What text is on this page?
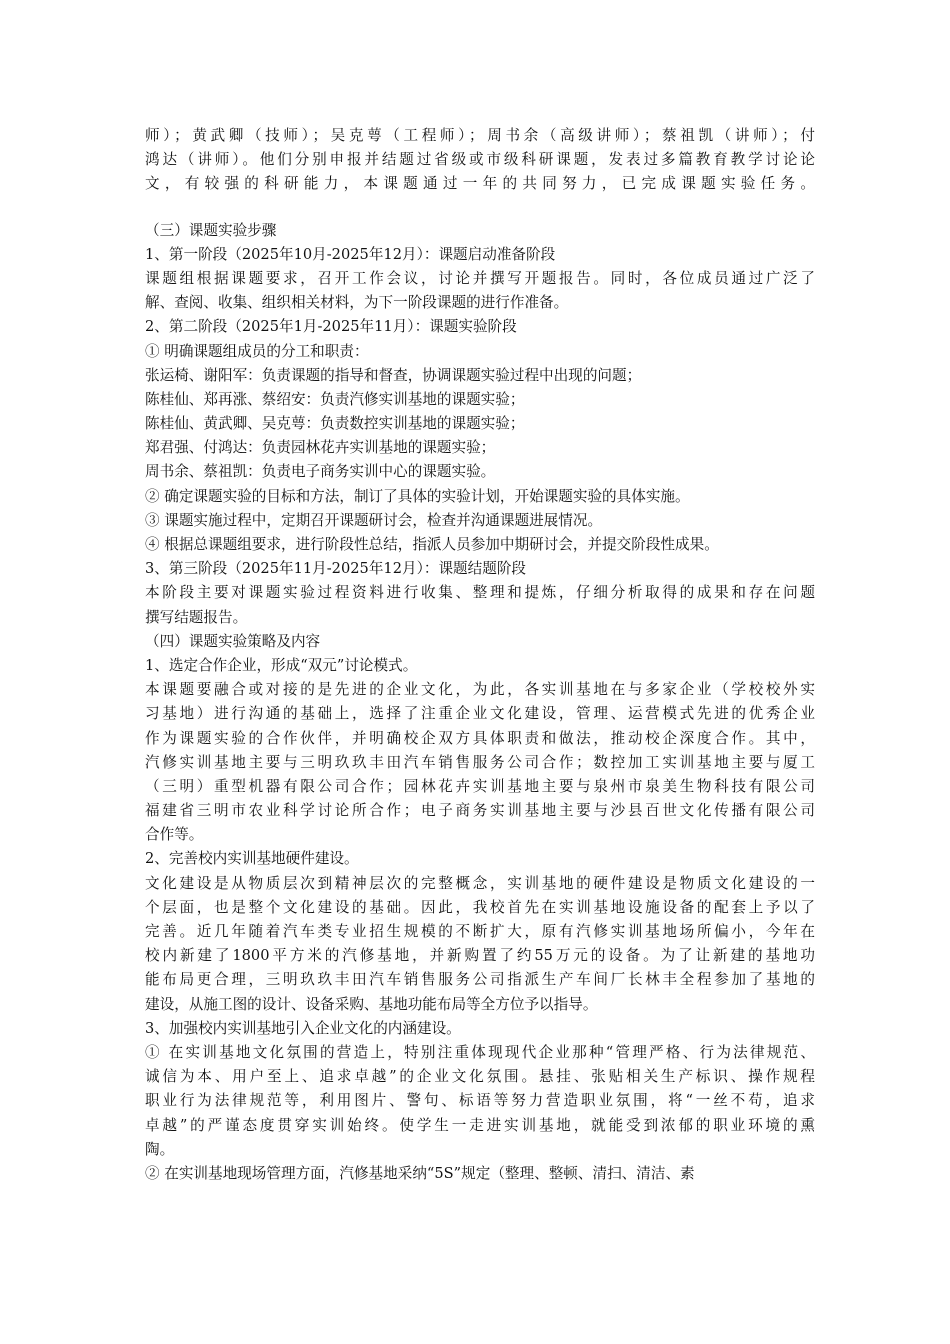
师）；黄武卿（技师）；吴克萼（工程师）；周书余（高级讲师）；蔡祖凯（讲师）；付
鸿达（讲师）。他们分别申报并结题过省级或市级科研课题，发表过多篇教育教学讨论论
文，有较强的科研能力，本课题通过一年的共同努力，已完成课题实验任务。
（三）课题实验步骤
1、第一阶段（2025年10月-2025年12月）：课题启动准备阶段
课题组根据课题要求，召开工作会议，讨论并撰写开题报告。同时，各位成员通过广泛了
解、查阅、收集、组织相关材料，为下一阶段课题的进行作准备。
2、第二阶段（2025年1月-2025年11月）：课题实验阶段
① 明确课题组成员的分工和职责：
张运椅、谢阳军：负责课题的指导和督查，协调课题实验过程中出现的问题；
陈桂仙、郑再涨、蔡绍安：负责汽修实训基地的课题实验；
陈桂仙、黄武卿、吴克萼：负责数控实训基地的课题实验；
郑君强、付鸿达：负责园林花卉实训基地的课题实验；
周书余、蔡祖凯：负责电子商务实训中心的课题实验。
② 确定课题实验的目标和方法，制订了具体的实验计划，开始课题实验的具体实施。
③ 课题实施过程中，定期召开课题研讨会，检查并沟通课题进展情况。
④ 根据总课题组要求，进行阶段性总结，指派人员参加中期研讨会，并提交阶段性成果。
3、第三阶段（2025年11月-2025年12月）：课题结题阶段
本阶段主要对课题实验过程资料进行收集、整理和提炼，仔细分析取得的成果和存在问题
撰写结题报告。
（四）课题实验策略及内容
1、选定合作企业，形成“双元”讨论模式。
本课题要融合或对接的是先进的企业文化，为此，各实训基地在与多家企业（学校校外实
习基地）进行沟通的基础上，选择了注重企业文化建设，管理、运营模式先进的优秀企业
作为课题实验的合作伙伴，并明确校企双方具体职责和做法，推动校企深度合作。其中，
汽修实训基地主要与三明玖玖丰田汽车销售服务公司合作；数控加工实训基地主要与厦工
（三明）重型机器有限公司合作；园林花卉实训基地主要与泉州市泉美生物科技有限公司
福建省三明市农业科学讨论所合作；电子商务实训基地主要与沙县百世文化传播有限公司
合作等。
2、完善校内实训基地硬件建设。
文化建设是从物质层次到精神层次的完整概念，实训基地的硬件建设是物质文化建设的一
个层面，也是整个文化建设的基础。因此，我校首先在实训基地设施设备的配套上予以了
完善。近几年随着汽车类专业招生规模的不断扩大，原有汽修实训基地场所偏小，今年在
校内新建了1800平方米的汽修基地，并新购置了约55万元的设备。为了让新建的基地功
能布局更合理，三明玖玖丰田汽车销售服务公司指派生产车间厂长林丰全程参加了基地的
建设，从施工图的设计、设备采购、基地功能布局等全方位予以指导。
3、加强校内实训基地引入企业文化的内涵建设。
① 在实训基地文化氛围的营造上，特别注重体现现代企业那种“管理严格、行为法律规范、
诚信为本、用户至上、追求卓越”的企业文化氛围。悬挂、张贴相关生产标识、操作规程
职业行为法律规范等，利用图片、警句、标语等努力营造职业氛围，将“一丝不苟，追求
卓越”的严谨态度贯穿实训始终。使学生一走进实训基地，就能受到浓郁的职业环境的熏
陶。
② 在实训基地现场管理方面，汽修基地采纳“5S”规定（整理、整顿、清扫、清洁、素
